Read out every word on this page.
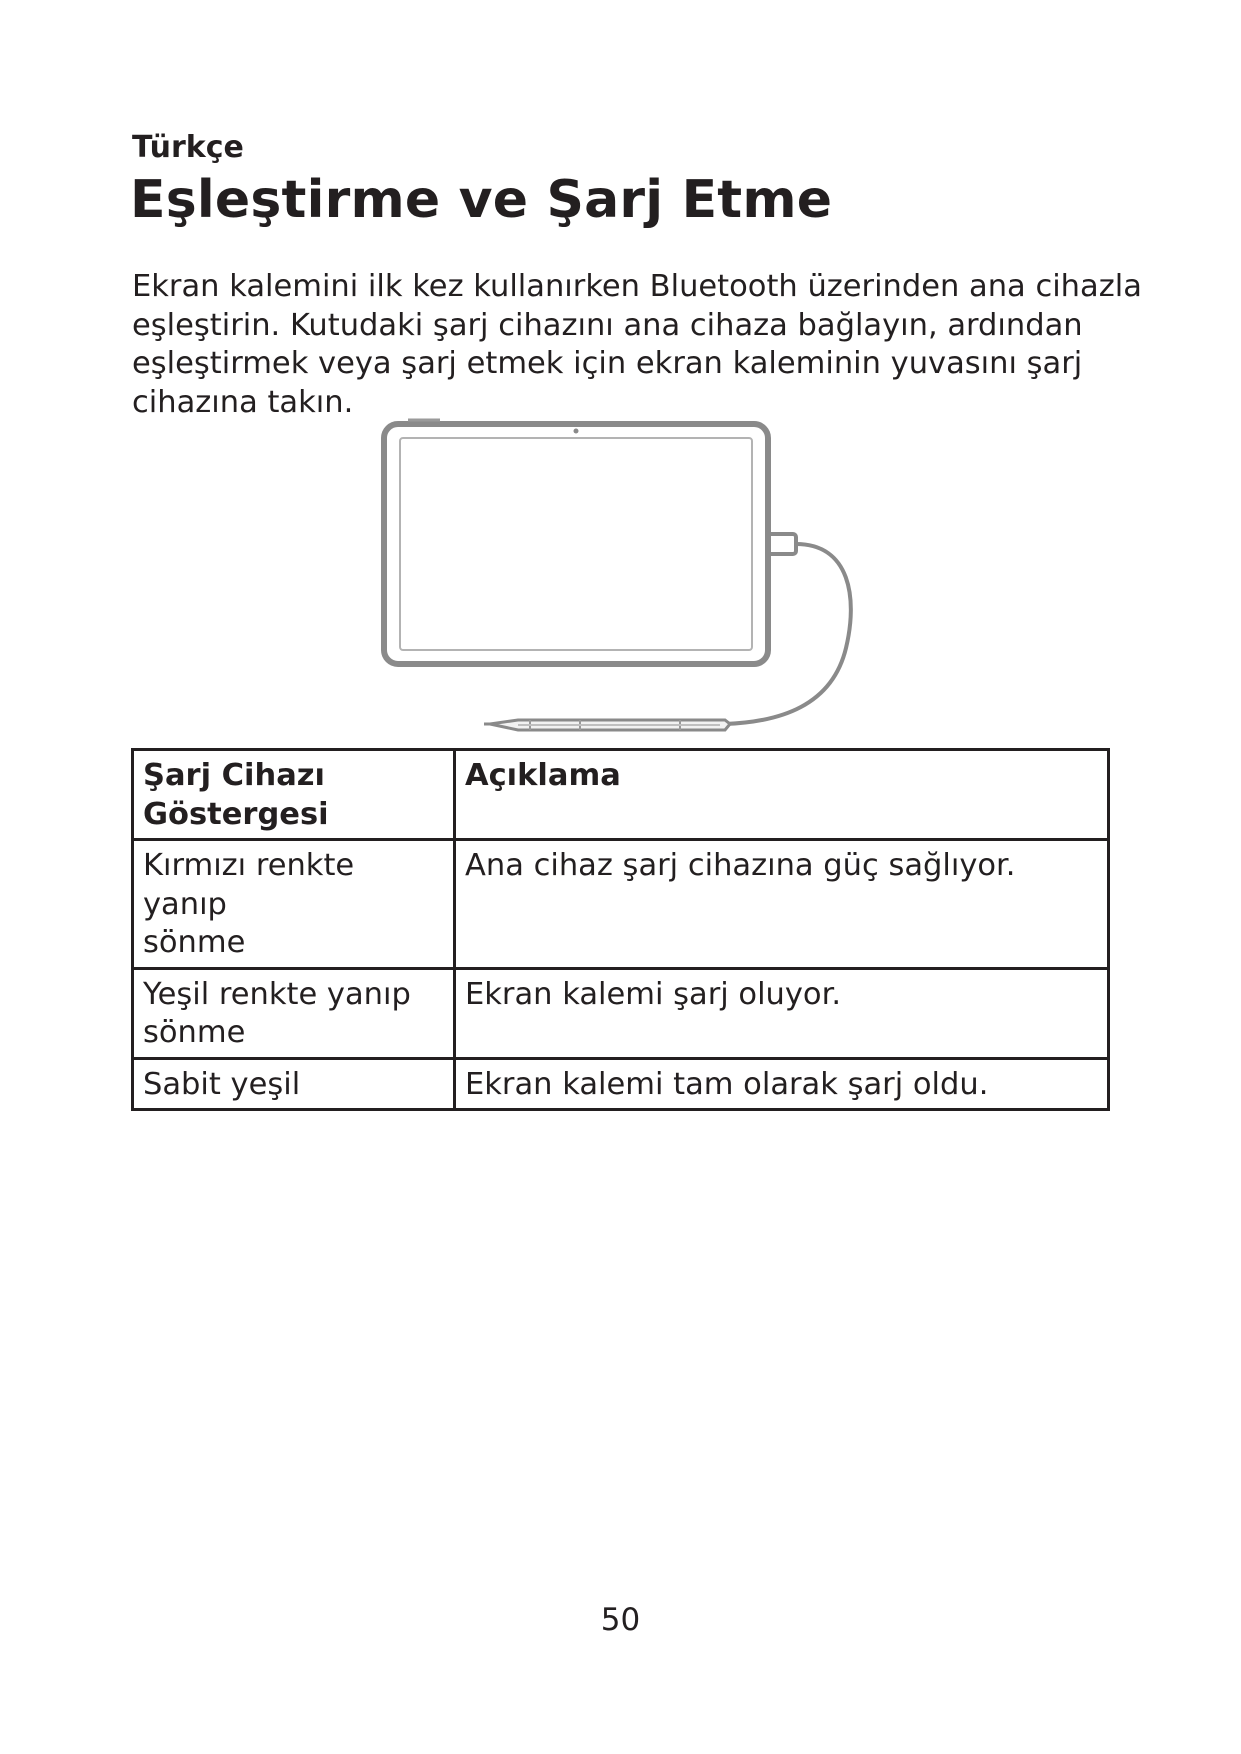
Türkçe
Eşleştirme ve Şarj Etme
Ekran kalemini ilk kez kullanırken Bluetooth üzerinden ana cihazla
eşleştirin. Kutudaki şarj cihazını ana cihaza bağlayın, ardından
eşleştirmek veya şarj etmek için ekran kaleminin yuvasını şarj
cihazına takın.
Şarj Cihazı
Göstergesi	Açıklama

Kırmızı renkte yanıp
sönme	Ana cihaz şarj cihazına güç sağlıyor.

Yeşil renkte yanıp
sönme	Ekran kalemi şarj oluyor.

Sabit yeşil	Ekran kalemi tam olarak şarj oldu.
50
